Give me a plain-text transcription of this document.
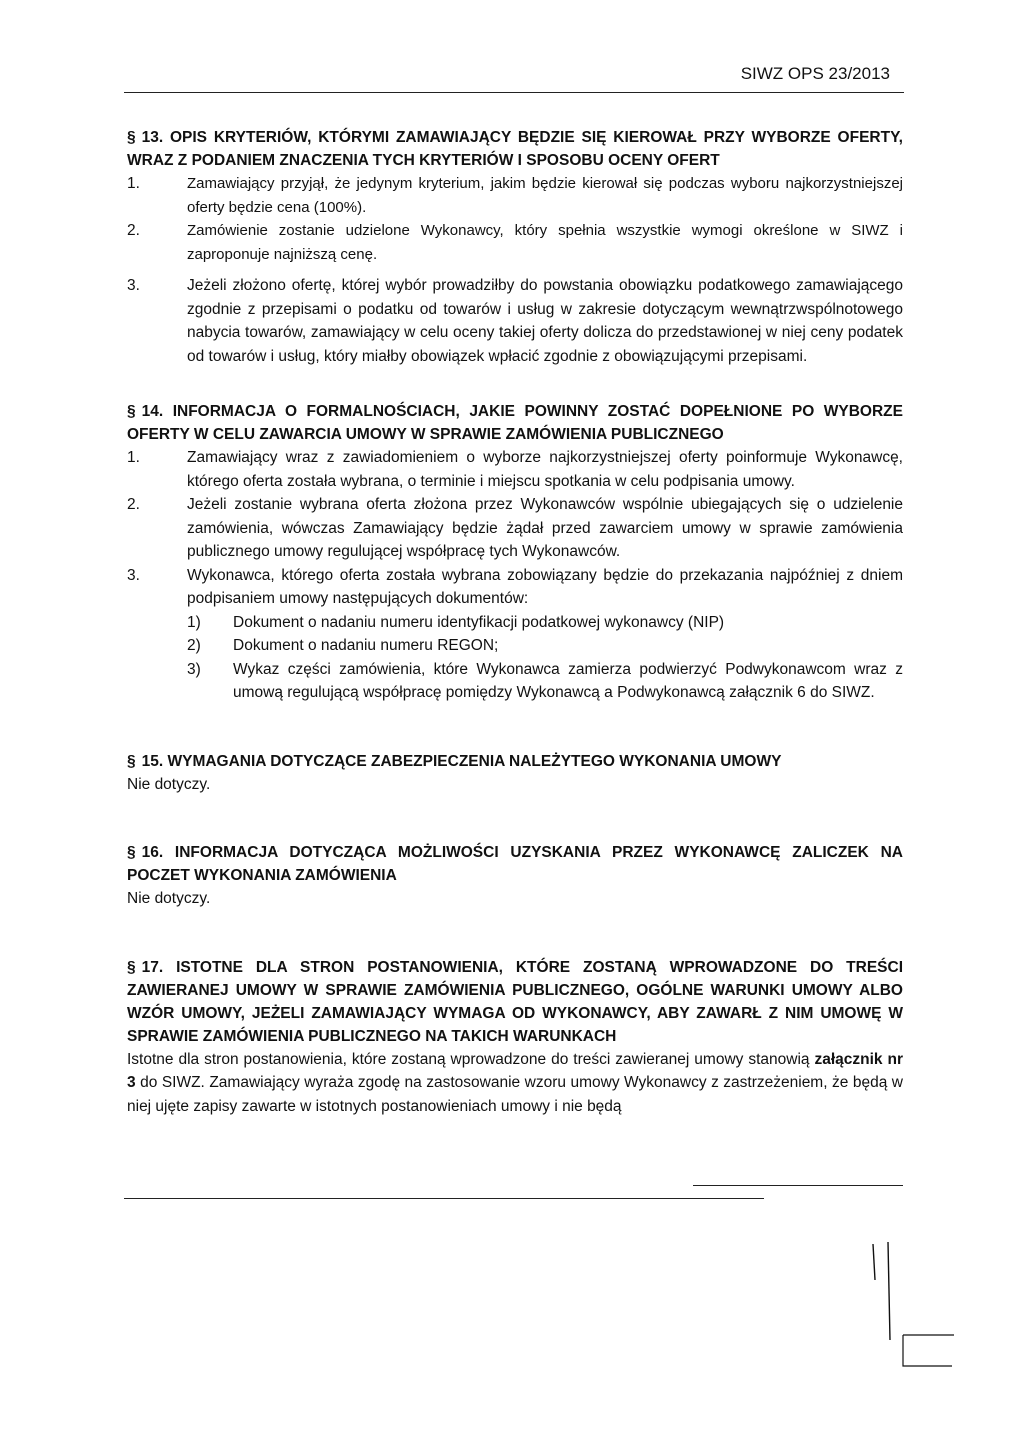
SIWZ OPS 23/2013

§ 13. OPIS KRYTERIÓW, KTÓRYMI ZAMAWIAJĄCY BĘDZIE SIĘ KIEROWAŁ PRZY WYBORZE OFERTY, WRAZ Z PODANIEM ZNACZENIA TYCH KRYTERIÓW I SPOSOBU OCENY OFERT

1.	Zamawiający przyjął, że jedynym kryterium, jakim będzie kierował się podczas wyboru najkorzystniejszej oferty będzie cena (100%).
2.	Zamówienie zostanie udzielone Wykonawcy, który spełnia wszystkie wymogi określone w SIWZ i zaproponuje najniższą cenę.
3.	Jeżeli złożono ofertę, której wybór prowadziłby do powstania obowiązku podatkowego zamawiającego zgodnie z przepisami o podatku od towarów i usług w zakresie dotyczącym wewnątrzwspólnotowego nabycia towarów, zamawiający w celu oceny takiej oferty dolicza do przedstawionej w niej ceny podatek od towarów i usług, który miałby obowiązek wpłacić zgodnie z obowiązującymi przepisami.

§ 14. INFORMACJA O FORMALNOŚCIACH, JAKIE POWINNY ZOSTAĆ DOPEŁNIONE PO WYBORZE OFERTY W CELU ZAWARCIA UMOWY W SPRAWIE ZAMÓWIENIA PUBLICZNEGO

1.	Zamawiający wraz z zawiadomieniem o wyborze najkorzystniejszej oferty poinformuje Wykonawcę, którego oferta została wybrana, o terminie i miejscu spotkania w celu podpisania umowy.
2.	Jeżeli zostanie wybrana oferta złożona przez Wykonawców wspólnie ubiegających się o udzielenie zamówienia, wówczas Zamawiający będzie żądał przed zawarciem umowy w sprawie zamówienia publicznego umowy regulującej współpracę tych Wykonawców.
3.	Wykonawca, którego oferta została wybrana zobowiązany będzie do przekazania najpóźniej z dniem podpisaniem umowy następujących dokumentów:
1)	Dokument o nadaniu numeru identyfikacji podatkowej wykonawcy (NIP)
2)	Dokument o nadaniu numeru REGON;
3)	Wykaz części zamówienia, które Wykonawca zamierza podwierzyć Podwykonawcom wraz z umową regulującą współpracę pomiędzy Wykonawcą a Podwykonawcą załącznik 6 do SIWZ.

§ 15. WYMAGANIA DOTYCZĄCE ZABEZPIECZENIA NALEŻYTEGO WYKONANIA UMOWY

Nie dotyczy.

§ 16. INFORMACJA DOTYCZĄCA MOŻLIWOŚCI UZYSKANIA PRZEZ WYKONAWCĘ ZALICZEK NA POCZET WYKONANIA ZAMÓWIENIA

Nie dotyczy.

§ 17. ISTOTNE DLA STRON POSTANOWIENIA, KTÓRE ZOSTANĄ WPROWADZONE DO TREŚCI ZAWIERANEJ UMOWY W SPRAWIE ZAMÓWIENIA PUBLICZNEGO, OGÓLNE WARUNKI UMOWY ALBO WZÓR UMOWY, JEŻELI ZAMAWIAJĄCY WYMAGA OD WYKONAWCY, ABY ZAWARŁ Z NIM UMOWĘ W SPRAWIE ZAMÓWIENIA PUBLICZNEGO NA TAKICH WARUNKACH

Istotne dla stron postanowienia, które zostaną wprowadzone do treści zawieranej umowy stanowią załącznik nr 3 do SIWZ. Zamawiający wyraża zgodę na zastosowanie wzoru umowy Wykonawcy z zastrzeżeniem, że będą w niej ujęte zapisy zawarte w istotnych postanowieniach umowy i nie będą
